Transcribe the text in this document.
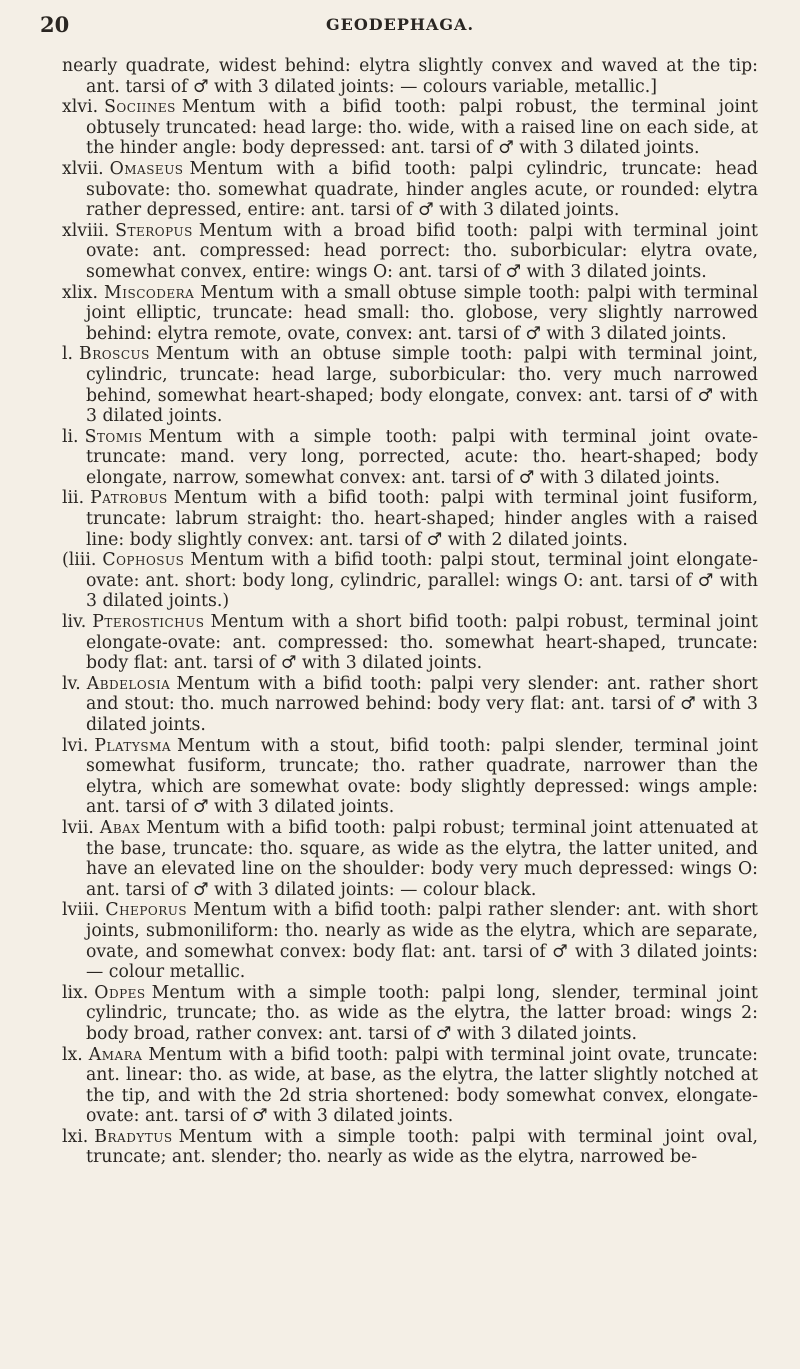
20	GEODEPHAGA.

nearly quadrate, widest behind: elytra slightly convex and waved at the tip: ant. tarsi of ♂ with 3 dilated joints: — colours variable, metallic.]

xlvi. Sociines Mentum with a bifid tooth: palpi robust, the terminal joint obtusely truncated: head large: tho. wide, with a raised line on each side, at the hinder angle: body depressed: ant. tarsi of ♂ with 3 dilated joints.

xlvii. Omaseus Mentum with a bifid tooth: palpi cylindric, truncate: head subovate: tho. somewhat quadrate, hinder angles acute, or rounded: elytra rather depressed, entire: ant. tarsi of ♂ with 3 dilated joints.

xlviii. Steropus Mentum with a broad bifid tooth: palpi with terminal joint ovate: ant. compressed: head porrect: tho. suborbicular: elytra ovate, somewhat convex, entire: wings O: ant. tarsi of ♂ with 3 dilated joints.

xlix. Miscodera Mentum with a small obtuse simple tooth: palpi with terminal joint elliptic, truncate: head small: tho. globose, very slightly narrowed behind: elytra remote, ovate, convex: ant. tarsi of ♂ with 3 dilated joints.

l. Broscus Mentum with an obtuse simple tooth: palpi with terminal joint, cylindric, truncate: head large, suborbicular: tho. very much narrowed behind, somewhat heart-shaped; body elongate, convex: ant. tarsi of ♂ with 3 dilated joints.

li. Stomis Mentum with a simple tooth: palpi with terminal joint ovate-truncate: mand. very long, porrected, acute: tho. heart-shaped; body elongate, narrow, somewhat convex: ant. tarsi of ♂ with 3 dilated joints.

lii. Patrobus Mentum with a bifid tooth: palpi with terminal joint fusiform, truncate: labrum straight: tho. heart-shaped; hinder angles with a raised line: body slightly convex: ant. tarsi of ♂ with 2 dilated joints.

(liii. Cophosus Mentum with a bifid tooth: palpi stout, terminal joint elongate-ovate: ant. short: body long, cylindric, parallel: wings O: ant. tarsi of ♂ with 3 dilated joints.)

liv. Pterostichus Mentum with a short bifid tooth: palpi robust, terminal joint elongate-ovate: ant. compressed: tho. somewhat heart-shaped, truncate: body flat: ant. tarsi of ♂ with 3 dilated joints.

lv. Abdelosia Mentum with a bifid tooth: palpi very slender: ant. rather short and stout: tho. much narrowed behind: body very flat: ant. tarsi of ♂ with 3 dilated joints.

lvi. Platysma Mentum with a stout, bifid tooth: palpi slender, terminal joint somewhat fusiform, truncate; tho. rather quadrate, narrower than the elytra, which are somewhat ovate: body slightly depressed: wings ample: ant. tarsi of ♂ with 3 dilated joints.

lvii. Abax Mentum with a bifid tooth: palpi robust; terminal joint attenuated at the base, truncate: tho. square, as wide as the elytra, the latter united, and have an elevated line on the shoulder: body very much depressed: wings O: ant. tarsi of ♂ with 3 dilated joints: — colour black.

lviii. Cheporus Mentum with a bifid tooth: palpi rather slender: ant. with short joints, submoniliform: tho. nearly as wide as the elytra, which are separate, ovate, and somewhat convex: body flat: ant. tarsi of ♂ with 3 dilated joints: — colour metallic.

lix. Odpes Mentum with a simple tooth: palpi long, slender, terminal joint cylindric, truncate; tho. as wide as the elytra, the latter broad: wings 2: body broad, rather convex: ant. tarsi of ♂ with 3 dilated joints.

lx. Amara Mentum with a bifid tooth: palpi with terminal joint ovate, truncate: ant. linear: tho. as wide, at base, as the elytra, the latter slightly notched at the tip, and with the 2d stria shortened: body somewhat convex, elongate-ovate: ant. tarsi of ♂ with 3 dilated joints.

lxi. Bradytus Mentum with a simple tooth: palpi with terminal joint oval, truncate; ant. slender; tho. nearly as wide as the elytra, narrowed be-
